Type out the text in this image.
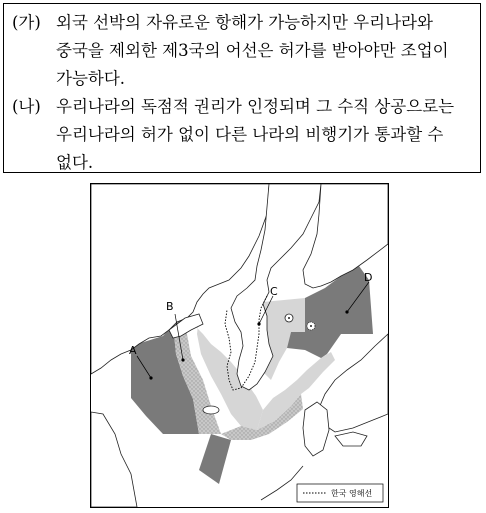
(가) 외국 선박의 자유로운 항해가 가능하지만 우리나라와
중국을 제외한 제3국의 어선은 허가를 받아야만 조업이
가능하다.
(나) 우리나라의 독점적 권리가 인정되며 그 수직 상공으로는
우리나라의 허가 없이 다른 나라의 비행기가 통과할 수
없다.
A
B
C
D
한국 영해선
